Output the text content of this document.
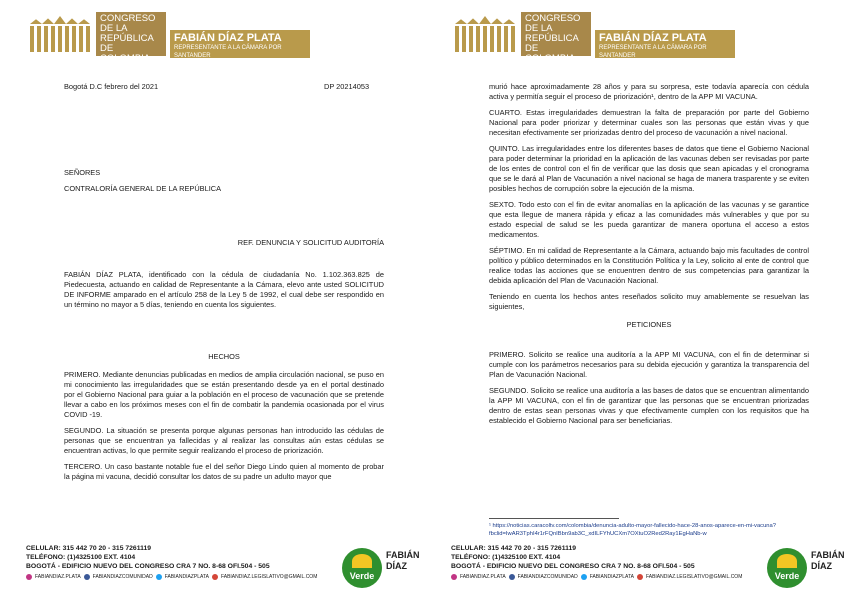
CONGRESO
DE LA REPÚBLICA
DE COLOMBIA
CÁMARA DE REPRESENTANTES
FABIÁN DÍAZ PLATA
REPRESENTANTE A LA CÁMARA POR SANTANDER
Bogotá D.C febrero del 2021	DP 20214053

SEÑORES

CONTRALORÍA GENERAL DE LA REPÚBLICA

REF. DENUNCIA Y SOLICITUD AUDITORÍA

FABIÁN DÍAZ PLATA, identificado con la cédula de ciudadanía No. 1.102.363.825 de Piedecuesta, actuando en calidad de Representante a la Cámara, elevo ante usted SOLICITUD DE INFORME amparado en el artículo 258 de la Ley 5 de 1992, el cual debe ser respondido en un término no mayor a 5 días, teniendo en cuenta los siguientes.

HECHOS

PRIMERO. Mediante denuncias publicadas en medios de amplia circulación nacional, se puso en mi conocimiento las irregularidades que se están presentando desde ya en el portal destinado por el Gobierno Nacional para guiar a la población en el proceso de vacunación que se pretende llevar a cabo en los próximos meses con el fin de combatir la pandemia ocasionada por el virus COVID -19.

SEGUNDO. La situación se presenta porque algunas personas han introducido las cédulas de personas que se encuentran ya fallecidas y al realizar las consultas aún estas cédulas se encuentran activas, lo que permite seguir realizando el proceso de priorización.

TERCERO. Un caso bastante notable fue el del señor Diego Lindo quien al momento de probar la página mi vacuna, decidió consultar los datos de su padre un adulto mayor que

CELULAR: 315 442 70 20 - 315 7261119
TELÉFONO: (1)4325100 EXT. 4104
BOGOTÁ - EDIFICIO NUEVO DEL CONGRESO CRA 7 NO. 8-68 OFI.504 - 505
FABIANDIAZ.PLATA FABIANDIAZCOMUNIDAD FABIANDIAZPLATA FABIANDIAZ.LEGISLATIVO@GMAIL.COM	Verde
FABIÁN
DÍAZ
CONGRESO
DE LA REPÚBLICA
DE COLOMBIA
CÁMARA DE REPRESENTANTES
FABIÁN DÍAZ PLATA
REPRESENTANTE A LA CÁMARA POR SANTANDER

murió hace aproximadamente 28 años y para su sorpresa, este todavía aparecía con cédula activa y permitía seguir el proceso de priorización¹, dentro de la APP MI VACUNA.

CUARTO. Estas irregularidades demuestran la falta de preparación por parte del Gobierno Nacional para poder priorizar y determinar cuales son las personas que están vivas y que necesitan efectivamente ser priorizadas dentro del proceso de vacunación a nivel nacional.

QUINTO. Las irregularidades entre los diferentes bases de datos que tiene el Gobierno Nacional para poder determinar la prioridad en la aplicación de las vacunas deben ser revisadas por parte de los entes de control con el fin de verificar que las dosis que sean apicadas y el cronograma que se le dará al Plan de Vacunación a nivel nacional se haga de manera trasparente y se eviten posibles hechos de corrupción sobre la ejecución de la misma.

SEXTO. Todo esto con el fin de evitar anomalías en la aplicación de las vacunas y se garantice que esta llegue de manera rápida y eficaz a las comunidades más vulnerables y que por su estado especial de salud se les pueda garantizar de manera oportuna el acceso a estos medicamentos.

SÉPTIMO. En mi calidad de Representante a la Cámara, actuando bajo mis facultades de control político y público determinados en la Constitución Política y la Ley, solicito al ente de control que realice todas las acciones que se encuentren dentro de sus competencias para garantizar la debida aplicación del Plan de Vacunación Nacional.

Teniendo en cuenta los hechos antes reseñados solicito muy amablemente se resuelvan las siguientes,

PETICIONES

PRIMERO. Solicito se realice una auditoría a la APP MI VACUNA, con el fin de determinar si cumple con los parámetros necesarios para su debida ejecución y garantiza la transparencia del Plan de Vacunación Nacional.

SEGUNDO. Solicito se realice una auditoría a las bases de datos que se encuentran alimentando la APP MI VACUNA, con el fin de garantizar que las personas que se encuentran priorizadas dentro de estas sean personas vivas y que efectivamente cumplen con los requisitos que ha establecido el Gobierno Nacional para ser beneficiarias.

¹ https://noticias.caracoltv.com/colombia/denuncia-adulto-mayor-fallecido-hace-28-anos-aparece-en-mi-vacuna?fbclid=IwAR3TphI4r1rFQnIBbn9ab3C_xdILFYhUCXm7OXtuO2Red2Ray1EgHaNb-w
CELULAR: 315 442 70 20 - 315 7261119
TELÉFONO: (1)4325100 EXT. 4104
BOGOTÁ - EDIFICIO NUEVO DEL CONGRESO CRA 7 NO. 8-68 OFI.504 - 505
FABIANDIAZ.PLATA FABIANDIAZCOMUNIDAD FABIANDIAZPLATA FABIANDIAZ.LEGISLATIVO@GMAIL.COM	Verde
FABIÁN
DÍAZ
